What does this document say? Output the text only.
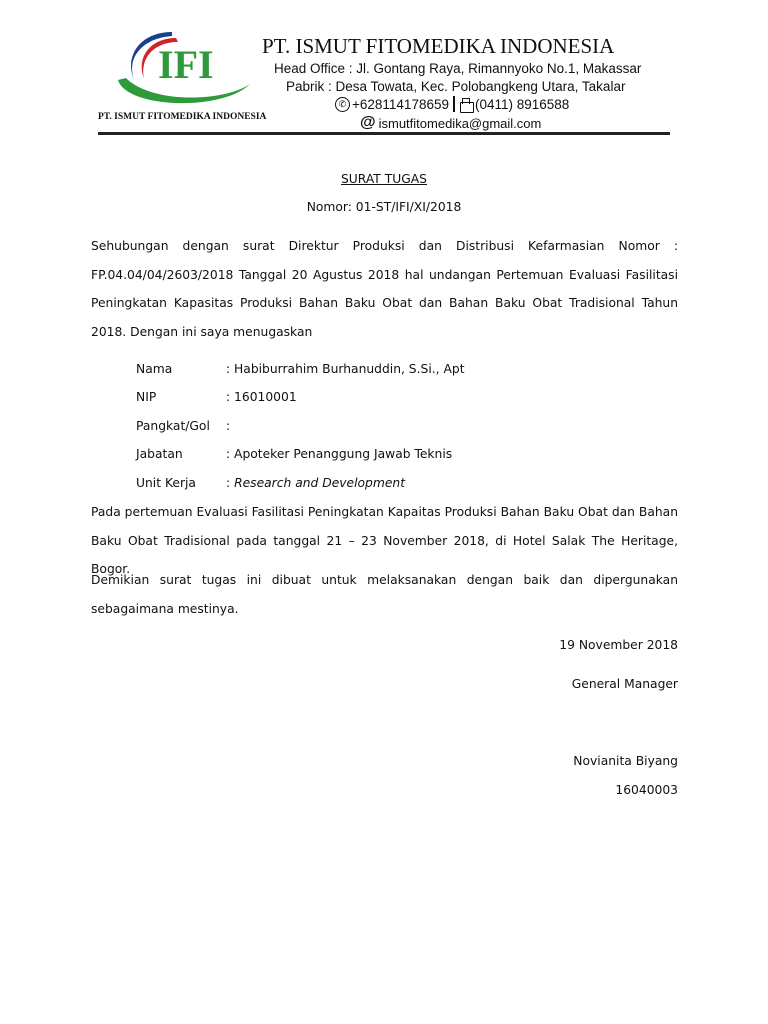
IFI
PT. ISMUT FITOMEDIKA INDONESIA
PT. ISMUT FITOMEDIKA INDONESIA
Head Office : Jl. Gontang Raya, Rimannyoko No.1, Makassar
Pabrik : Desa Towata, Kec. Polobangkeng Utara, Takalar
✆ +628114178659 (0411) 8916588
@ ismutfitomedika@gmail.com
SURAT TUGAS
Nomor: 01-ST/IFI/XI/2018
Sehubungan dengan surat Direktur Produksi dan Distribusi Kefarmasian Nomor : FP.04.04/04/2603/2018 Tanggal 20 Agustus 2018 hal undangan Pertemuan Evaluasi Fasilitasi Peningkatan Kapasitas Produksi Bahan Baku Obat dan Bahan Baku Obat Tradisional Tahun 2018. Dengan ini saya menugaskan
Nama	: Habiburrahim Burhanuddin, S.Si., Apt
NIP	: 16010001
Pangkat/Gol :
Jabatan	: Apoteker Penanggung Jawab Teknis
Unit Kerja : Research and Development
Pada pertemuan Evaluasi Fasilitasi Peningkatan Kapaitas Produksi Bahan Baku Obat dan Bahan Baku Obat Tradisional pada tanggal 21 – 23 November 2018, di Hotel Salak The Heritage, Bogor.
Demikian surat tugas ini dibuat untuk melaksanakan dengan baik dan dipergunakan sebagaimana mestinya.
19 November 2018
General Manager
Novianita Biyang
16040003
